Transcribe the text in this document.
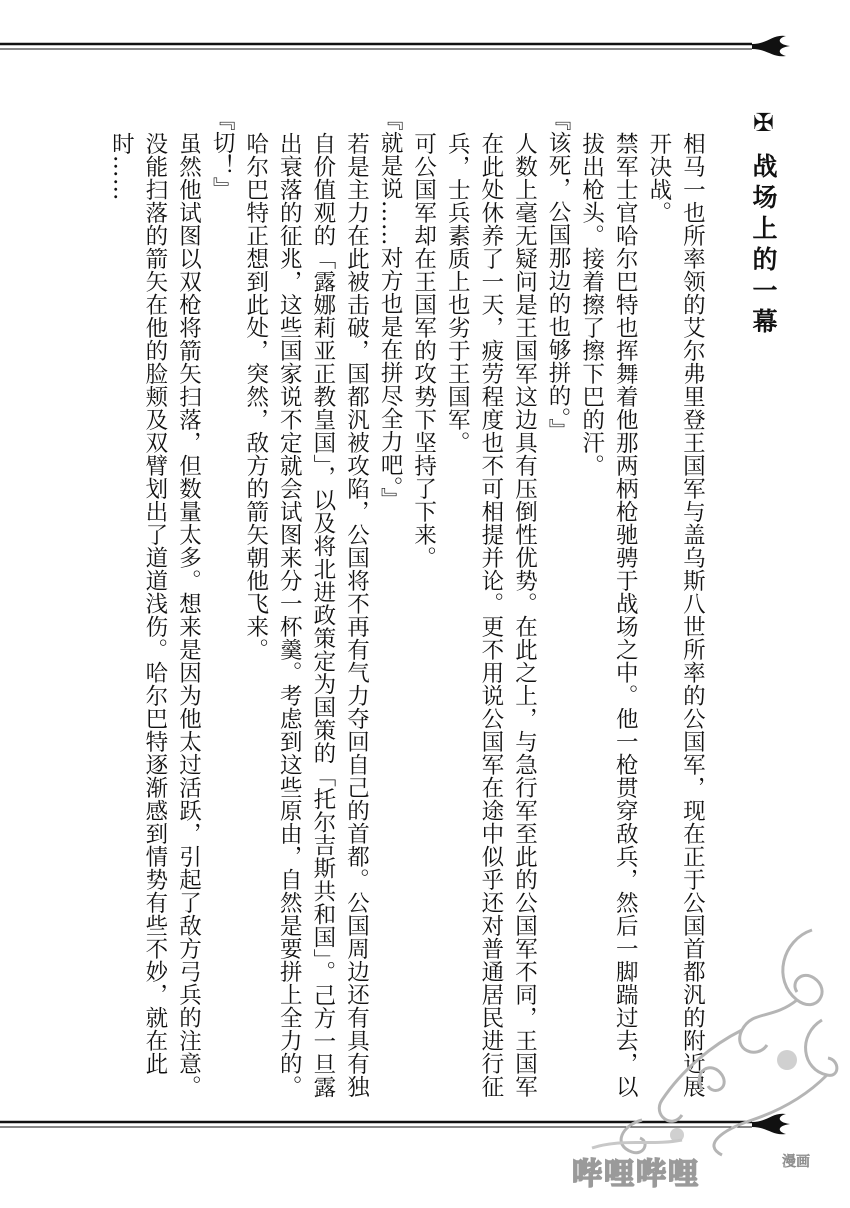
✠战场上的一幕

相马一也所率领的艾尔弗里登王国军与盖乌斯八世所率的公国军，现在正于公国首都汎的附近展开决战。

禁军士官哈尔巴特也挥舞着他那两柄枪驰骋于战场之中。他一枪贯穿敌兵，然后一脚踹过去，以拔出枪头。接着擦了擦下巴的汗。

『该死，公国那边的也够拼的。』

人数上毫无疑问是王国军这边具有压倒性优势。在此之上，与急行军至此的公国军不同，王国军在此处休养了一天，疲劳程度也不可相提并论。更不用说公国军在途中似乎还对普通居民进行征兵，士兵素质上也劣于王国军。

可公国军却在王国军的攻势下坚持了下来。

『就是说……对方也是在拼尽全力吧。』

若是主力在此被击破，国都汎被攻陷，公国将不再有气力夺回自己的首都。公国周边还有具有独自价值观的「露娜莉亚正教皇国」，以及将北进政策定为国策的「托尔吉斯共和国」。己方一旦露出衰落的征兆，这些国家说不定就会试图来分一杯羹。考虑到这些原由，自然是要拼上全力的。

哈尔巴特正想到此处，突然，敌方的箭矢朝他飞来。

『切！』

虽然他试图以双枪将箭矢扫落，但数量太多。想来是因为他太过活跃，引起了敌方弓兵的注意。没能扫落的箭矢在他的脸颊及双臂划出了道道浅伤。哈尔巴特逐渐感到情势有些不妙，就在此时……

哔哩哔哩	漫画
